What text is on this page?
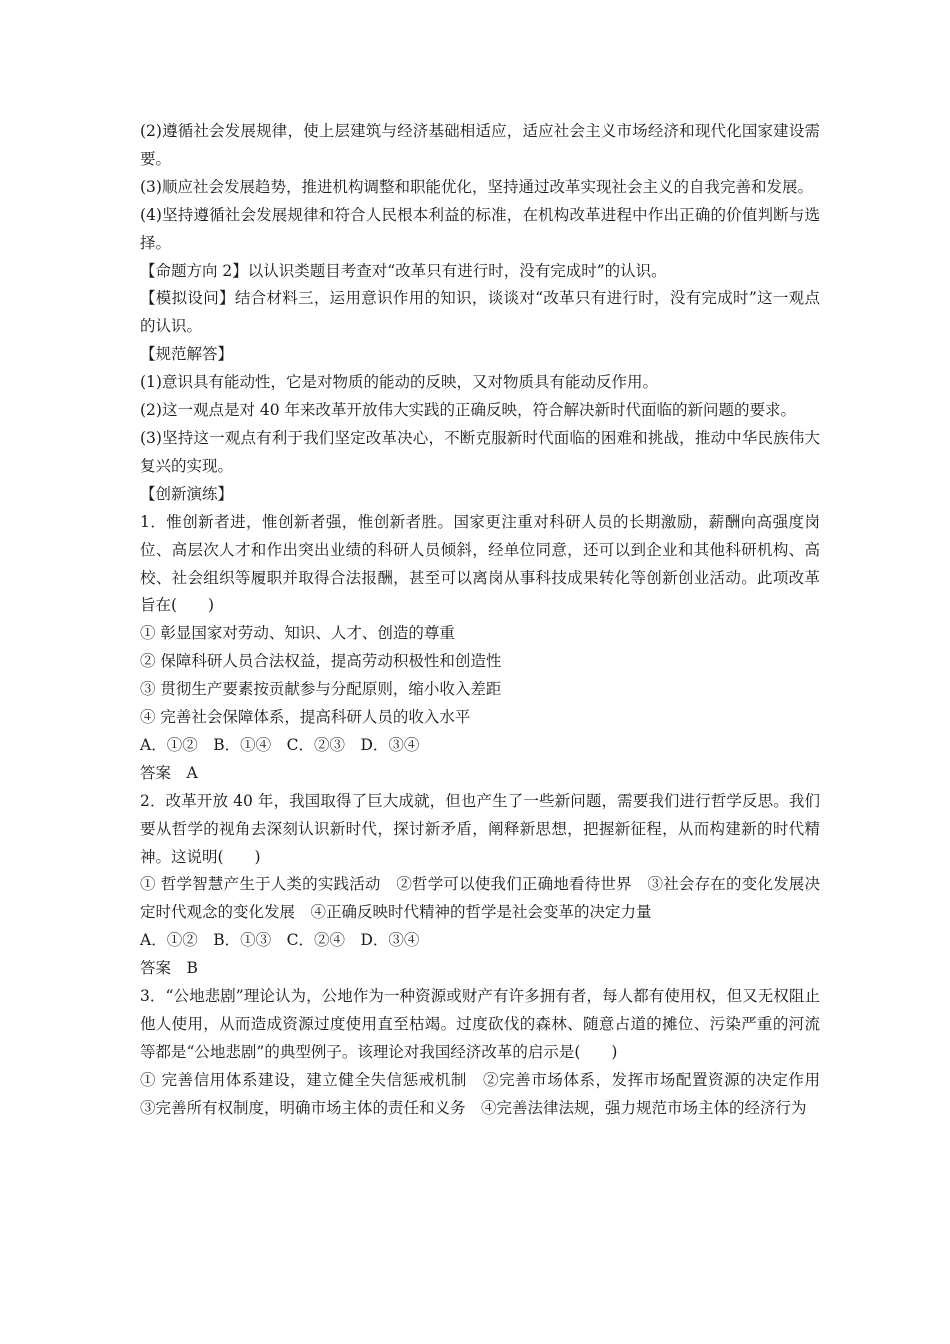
(2)遵循社会发展规律，使上层建筑与经济基础相适应，适应社会主义市场经济和现代化国家建设需要。

(3)顺应社会发展趋势，推进机构调整和职能优化，坚持通过改革实现社会主义的自我完善和发展。

(4)坚持遵循社会发展规律和符合人民根本利益的标准，在机构改革进程中作出正确的价值判断与选择。

【命题方向 2】以认识类题目考查对“改革只有进行时，没有完成时”的认识。

【模拟设问】结合材料三，运用意识作用的知识，谈谈对“改革只有进行时，没有完成时”这一观点的认识。

【规范解答】

(1)意识具有能动性，它是对物质的能动的反映，又对物质具有能动反作用。

(2)这一观点是对 40 年来改革开放伟大实践的正确反映，符合解决新时代面临的新问题的要求。

(3)坚持这一观点有利于我们坚定改革决心，不断克服新时代面临的困难和挑战，推动中华民族伟大复兴的实现。

【创新演练】

1．惟创新者进，惟创新者强，惟创新者胜。国家更注重对科研人员的长期激励，薪酬向高强度岗位、高层次人才和作出突出业绩的科研人员倾斜，经单位同意，还可以到企业和其他科研机构、高校、社会组织等履职并取得合法报酬，甚至可以离岗从事科技成果转化等创新创业活动。此项改革旨在(　　)

① 彰显国家对劳动、知识、人才、创造的尊重

② 保障科研人员合法权益，提高劳动积极性和创造性

③ 贯彻生产要素按贡献参与分配原则，缩小收入差距

④ 完善社会保障体系，提高科研人员的收入水平

A．①②　B．①④　C．②③　D．③④

答案　A

2．改革开放 40 年，我国取得了巨大成就，但也产生了一些新问题，需要我们进行哲学反思。我们要从哲学的视角去深刻认识新时代，探讨新矛盾，阐释新思想，把握新征程，从而构建新的时代精神。这说明(　　)

① 哲学智慧产生于人类的实践活动　②哲学可以使我们正确地看待世界　③社会存在的变化发展决定时代观念的变化发展　④正确反映时代精神的哲学是社会变革的决定力量

A．①②　B．①③　C．②④　D．③④

答案　B

3．“公地悲剧”理论认为，公地作为一种资源或财产有许多拥有者，每人都有使用权，但又无权阻止他人使用，从而造成资源过度使用直至枯竭。过度砍伐的森林、随意占道的摊位、污染严重的河流等都是“公地悲剧”的典型例子。该理论对我国经济改革的启示是(　　)

① 完善信用体系建设，建立健全失信惩戒机制　②完善市场体系，发挥市场配置资源的决定作用　③完善所有权制度，明确市场主体的责任和义务　④完善法律法规，强力规范市场主体的经济行为
